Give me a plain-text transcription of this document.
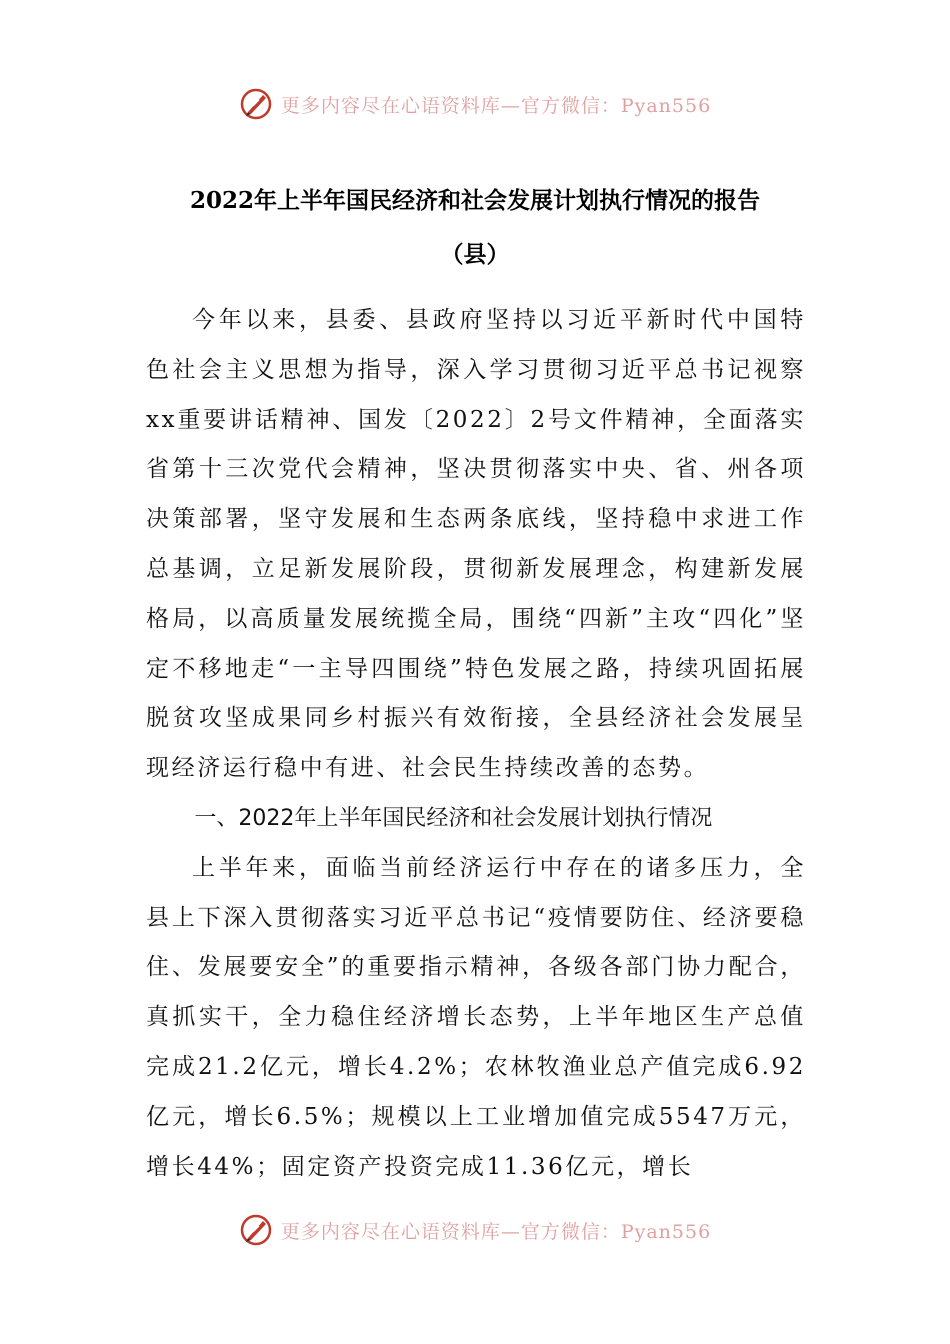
更多内容尽在心语资料库—官方微信：Pyan556
2022年上半年国民经济和社会发展计划执行情况的报告
（县）

今年以来，县委、县政府坚持以习近平新时代中国特色社会主义思想为指导，深入学习贯彻习近平总书记视察xx重要讲话精神、国发〔2022〕2号文件精神，全面落实省第十三次党代会精神，坚决贯彻落实中央、省、州各项决策部署，坚守发展和生态两条底线，坚持稳中求进工作总基调，立足新发展阶段，贯彻新发展理念，构建新发展格局，以高质量发展统揽全局，围绕“四新”主攻“四化”坚定不移地走“一主导四围绕”特色发展之路，持续巩固拓展脱贫攻坚成果同乡村振兴有效衔接，全县经济社会发展呈现经济运行稳中有进、社会民生持续改善的态势。

一、2022年上半年国民经济和社会发展计划执行情况

上半年来，面临当前经济运行中存在的诸多压力，全县上下深入贯彻落实习近平总书记“疫情要防住、经济要稳住、发展要安全”的重要指示精神，各级各部门协力配合，真抓实干，全力稳住经济增长态势，上半年地区生产总值完成21.2亿元，增长4.2%；农林牧渔业总产值完成6.92亿元，增长6.5%；规模以上工业增加值完成5547万元，增长44%；固定资产投资完成11.36亿元，增长

更多内容尽在心语资料库—官方微信：Pyan556
